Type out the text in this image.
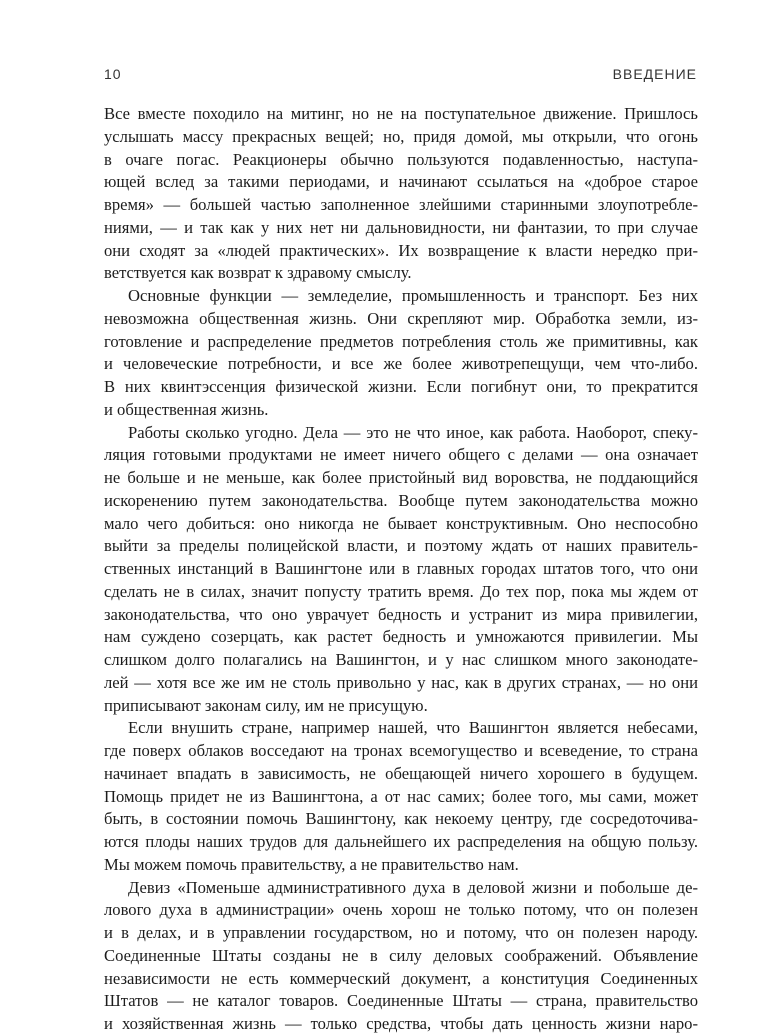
10	ВВЕДЕНИЕ
Все вместе походило на митинг, но не на поступательное движение. Пришлось
услышать массу прекрасных вещей; но, придя домой, мы открыли, что огонь
в очаге погас. Реакционеры обычно пользуются подавленностью, наступа-
ющей вслед за такими периодами, и начинают ссылаться на «доброе старое
время» — большей частью заполненное злейшими старинными злоупотребле-
ниями, — и так как у них нет ни дальновидности, ни фантазии, то при случае
они сходят за «людей практических». Их возвращение к власти нередко при-
ветствуется как возврат к здравому смыслу.
Основные функции — земледелие, промышленность и транспорт. Без них
невозможна общественная жизнь. Они скрепляют мир. Обработка земли, из-
готовление и распределение предметов потребления столь же примитивны, как
и человеческие потребности, и все же более животрепещущи, чем что-либо.
В них квинтэссенция физической жизни. Если погибнут они, то прекратится
и общественная жизнь.
Работы сколько угодно. Дела — это не что иное, как работа. Наоборот, спеку-
ляция готовыми продуктами не имеет ничего общего с делами — она означает
не больше и не меньше, как более пристойный вид воровства, не поддающийся
искоренению путем законодательства. Вообще путем законодательства можно
мало чего добиться: оно никогда не бывает конструктивным. Оно неспособно
выйти за пределы полицейской власти, и поэтому ждать от наших правитель-
ственных инстанций в Вашингтоне или в главных городах штатов того, что они
сделать не в силах, значит попусту тратить время. До тех пор, пока мы ждем от
законодательства, что оно уврачует бедность и устранит из мира привилегии,
нам суждено созерцать, как растет бедность и умножаются привилегии. Мы
слишком долго полагались на Вашингтон, и у нас слишком много законодате-
лей — хотя все же им не столь привольно у нас, как в других странах, — но они
приписывают законам силу, им не присущую.
Если внушить стране, например нашей, что Вашингтон является небесами,
где поверх облаков восседают на тронах всемогущество и всеведение, то страна
начинает впадать в зависимость, не обещающей ничего хорошего в будущем.
Помощь придет не из Вашингтона, а от нас самих; более того, мы сами, может
быть, в состоянии помочь Вашингтону, как некоему центру, где сосредоточива-
ются плоды наших трудов для дальнейшего их распределения на общую пользу.
Мы можем помочь правительству, а не правительство нам.
Девиз «Поменьше административного духа в деловой жизни и побольше де-
лового духа в администрации» очень хорош не только потому, что он полезен
и в делах, и в управлении государством, но и потому, что он полезен народу.
Соединенные Штаты созданы не в силу деловых соображений. Объявление
независимости не есть коммерческий документ, а конституция Соединенных
Штатов — не каталог товаров. Соединенные Штаты — страна, правительство
и хозяйственная жизнь — только средства, чтобы дать ценность жизни наро-
